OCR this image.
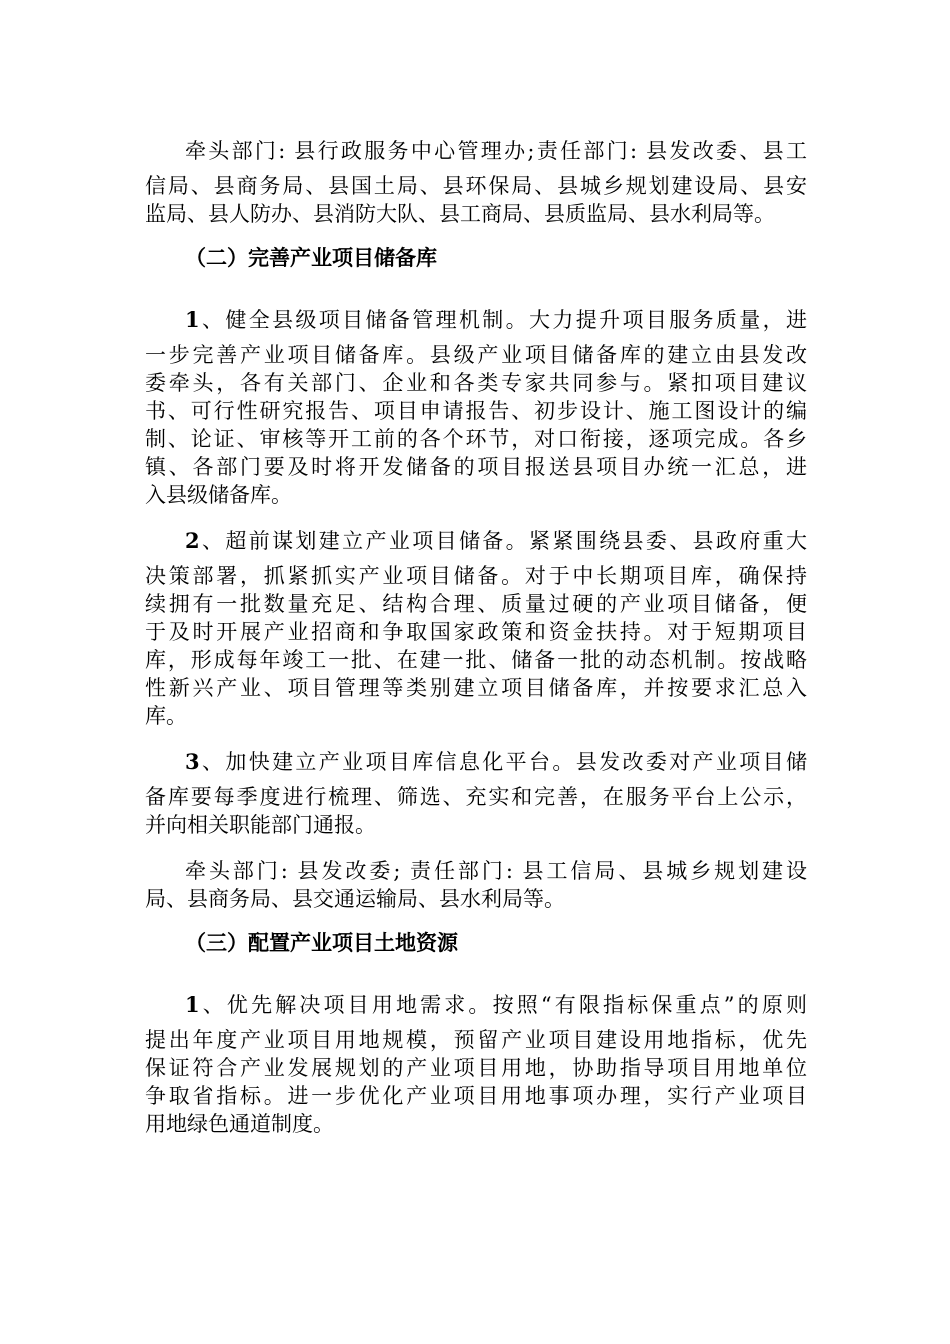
牵头部门: 县行政服务中心管理办;责任部门: 县发改委、县工
信局、县商务局、县国土局、县环保局、县城乡规划建设局、县安
监局、县人防办、县消防大队、县工商局、县质监局、县水利局等。
（二）完善产业项目储备库
1、健全县级项目储备管理机制。大力提升项目服务质量，进
一步完善产业项目储备库。县级产业项目储备库的建立由县发改
委牵头，各有关部门、企业和各类专家共同参与。紧扣项目建议
书、可行性研究报告、项目申请报告、初步设计、施工图设计的编
制、论证、审核等开工前的各个环节，对口衔接，逐项完成。各乡
镇、各部门要及时将开发储备的项目报送县项目办统一汇总，进
入县级储备库。
2、超前谋划建立产业项目储备。紧紧围绕县委、县政府重大
决策部署，抓紧抓实产业项目储备。对于中长期项目库，确保持
续拥有一批数量充足、结构合理、质量过硬的产业项目储备，便
于及时开展产业招商和争取国家政策和资金扶持。对于短期项目
库，形成每年竣工一批、在建一批、储备一批的动态机制。按战略
性新兴产业、项目管理等类别建立项目储备库，并按要求汇总入
库。
3、加快建立产业项目库信息化平台。县发改委对产业项目储
备库要每季度进行梳理、筛选、充实和完善，在服务平台上公示，
并向相关职能部门通报。
牵头部门: 县发改委; 责任部门: 县工信局、县城乡规划建设
局、县商务局、县交通运输局、县水利局等。
（三）配置产业项目土地资源
1、优先解决项目用地需求。按照“有限指标保重点”的原则
提出年度产业项目用地规模，预留产业项目建设用地指标，优先
保证符合产业发展规划的产业项目用地，协助指导项目用地单位
争取省指标。进一步优化产业项目用地事项办理，实行产业项目
用地绿色通道制度。
